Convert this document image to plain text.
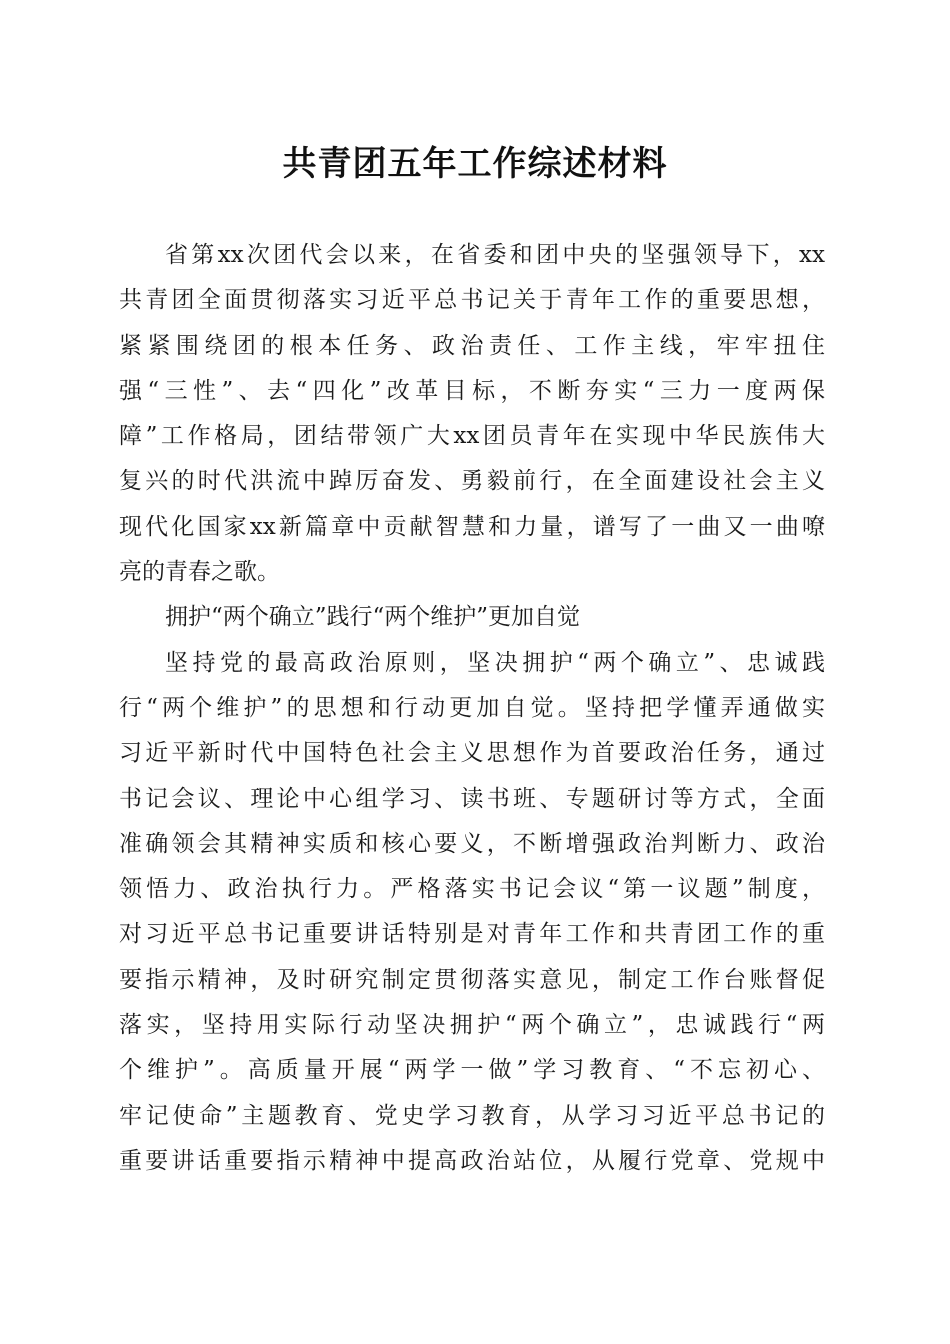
共青团五年工作综述材料
省第xx次团代会以来，在省委和团中央的坚强领导下，xx
共青团全面贯彻落实习近平总书记关于青年工作的重要思想，
紧紧围绕团的根本任务、政治责任、工作主线，牢牢扭住
强“三性”、去“四化”改革目标，不断夯实“三力一度两保
障”工作格局，团结带领广大xx团员青年在实现中华民族伟大
复兴的时代洪流中踔厉奋发、勇毅前行，在全面建设社会主义
现代化国家xx新篇章中贡献智慧和力量，谱写了一曲又一曲嘹
亮的青春之歌。
拥护“两个确立”践行“两个维护”更加自觉
坚持党的最高政治原则，坚决拥护“两个确立”、忠诚践
行“两个维护”的思想和行动更加自觉。坚持把学懂弄通做实
习近平新时代中国特色社会主义思想作为首要政治任务，通过
书记会议、理论中心组学习、读书班、专题研讨等方式，全面
准确领会其精神实质和核心要义，不断增强政治判断力、政治
领悟力、政治执行力。严格落实书记会议“第一议题”制度，
对习近平总书记重要讲话特别是对青年工作和共青团工作的重
要指示精神，及时研究制定贯彻落实意见，制定工作台账督促
落实，坚持用实际行动坚决拥护“两个确立”，忠诚践行“两
个维护”。高质量开展“两学一做”学习教育、“不忘初心、
牢记使命”主题教育、党史学习教育，从学习习近平总书记的
重要讲话重要指示精神中提高政治站位，从履行党章、党规中
